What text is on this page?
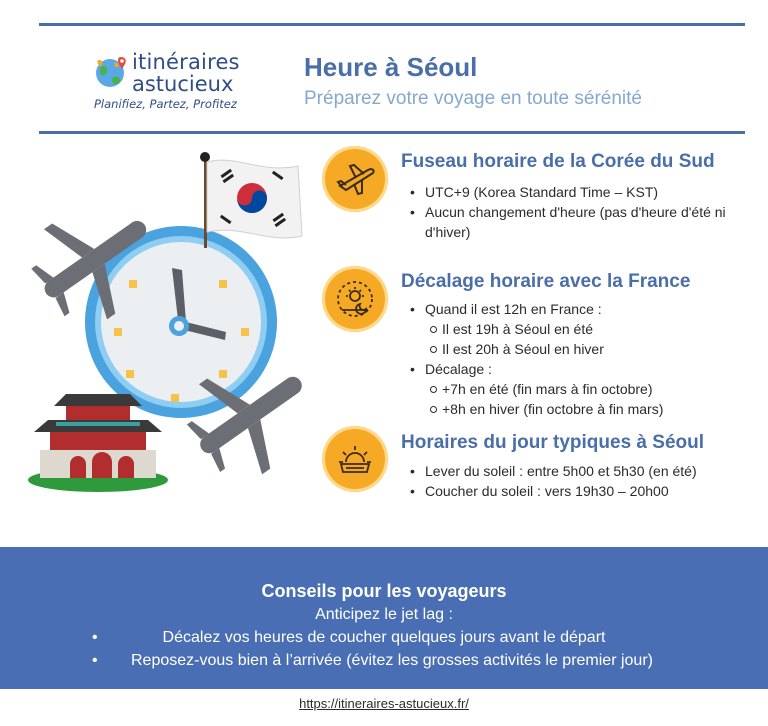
itinéraires
astucieux
Planifiez, Partez, Profitez
Heure à Séoul
Préparez votre voyage en toute sérénité
Fuseau horaire de la Corée du Sud
• UTC+9 (Korea Standard Time – KST)
• Aucun changement d'heure (pas d'heure d'été ni d'hiver)
Décalage horaire avec la France
• Quand il est 12h en France :
Il est 19h à Séoul en été
Il est 20h à Séoul en hiver
• Décalage :
+7h en été (fin mars à fin octobre)
+8h en hiver (fin octobre à fin mars)
Horaires du jour typiques à Séoul
• Lever du soleil : entre 5h00 et 5h30 (en été)
• Coucher du soleil : vers 19h30 – 20h00
Conseils pour les voyageurs
Anticipez le jet lag :
•	Décalez vos heures de coucher quelques jours avant le départ
•	Reposez-vous bien à l’arrivée (évitez les grosses activités le premier jour)
https://itineraires-astucieux.fr/
